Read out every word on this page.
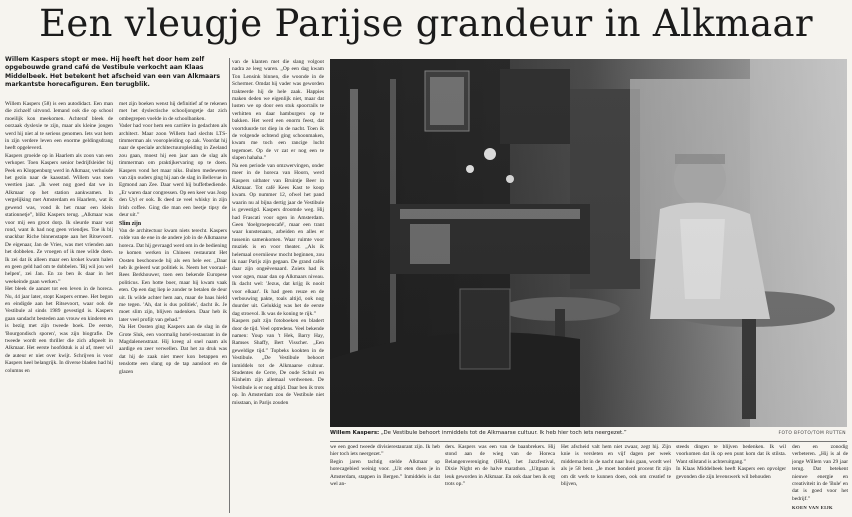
Een vleugje Parijse grandeur in Alkmaar
Willem Kaspers stopt er mee. Hij heeft het door hem zelf opgebouwde grand café de Vestibule verkocht aan Klaas Middelbeek. Het betekent het afscheid van een van Alkmaars markantste horecafiguren. Een terugblik.

Willem Kaspers (58) is een autodidact. Een man die zichzelf uitvond. Iemand ook die op school moeilijk kon meekomen. Achteraf bleek de oorzaak dyslexie te zijn, maar als kleine jongen werd hij niet al te serieus genomen. Iets wat hem in zijn verdere leven een enorme geldingsdrang heeft opgeleverd.

Kaspers groeide op in Haarlem als zoon van een verkoper. Toen Kaspers senior bedrijfsleider bij Peek en Kloppenburg werd in Alkmaar, verhuisde het gezin naar de kaasstad. Willem was toen veertien jaar. „Ik weet nog goed dat we in Alkmaar op het station aankwamen. In vergelijking met Amsterdam en Haarlem, wat ik gewend was, vond ik het maar een klein stationnetje”, blikt Kaspers terug. „Alkmaar was voor mij een groot dorp. Ik sleurde maar wat rond, want ik had nog geen vriendjes. Toe ik bij snackbar Riche binnenstapte aan het Ritsevoort. De eigenaar, Jan de Vries, was met vrienden aan het dobbelen. Ze vroegen of ik mee wilde doen. Ik zei dat ik alleen maar een kroket kwam halen en geen geld had om te dobbelen. 'Bij wil jou wel helpen', zei Jan. En zo ben ik daar in het weekeinde gaan werken.”

Het bleek de aanzet tot een leven in de horeca. Nu, 44 jaar later, stopt Kaspers ermee. Het begon en eindigde aan het Ritsevoort, waar ook de Vestibule al sinds 1989 gevestigd is. Kaspers gaan sandacht besteden aan vrouw en kinderen en is bezig met zijn tweede boek. De eerste, 'Bourgondisch sporen', was zijn biografie. De tweede wordt een thriller die zich afspeelt in Alkmaar. Het eerste hoofdstuk is al af, meer wil de auteur er niet over kwijt. Schrijven is voor Kaspers heel belangrijk. In diverse bladen had hij columns en

met zijn boeken wenst hij definitief af te rekenen met het dyslectische schooljongetje dat zich ombegrepen voelde in de schoolbanken.

Vader had voor hem een carrière in gedachten als architect. Maar zoon Willem had slechts LTS-timmerman als vooropleiding op zak. Voordat hij naar de speciale architectuuropleiding in Zeeland zou gaan, moest hij een jaar aan de slag als timmerman om praktijkervaring op te doen. Kaspers vond het maar niks. Buiten medeweten van zijn ouders ging hij aan de slag in Bellevue in Egmond aan Zee. Daar werd hij buffetbediende. „Er waren daar congressen. Op een keer was Joop den Uyl er ook. Ik deed ze veel whisky in zijn Irish coffee. Ging die man een beetje tipsy de deur uit.”

Slim zijn

Van de architectuur kwam niets terecht. Kaspers rolde van de ene in de andere job in de Alkmaarse horeca. Dat hij gevraagd werd om in de bediening te komen werken in Chinees restaurant Het Oosten beschouwde hij als een hele eer. „Daar heb ik geleerd wat politiek is. Neem het vooraal-Rees Berkhouwer, toen een bekende Europese politicus. Een hotte boer, maar hij kwam vaak eten. Op een dag liep ie zonder te betalen de deur uit. Ik wilde achter hem aan, maar de baas hield me tegen. 'Ah, dat is dus politiek', dacht ik. Je moet slim zijn, blijven nadenken. Daar heb ik later veel profijt van gehad.”

Na Het Oosten ging Kaspers aan de slag in de Grote Sluk, een voormalig hotel-restaurant in de Magdalenenstraat. Hij kreeg al snel naam als aardige en zeer verwellen. Dat het zo druk was dat hij de zaak niet meer kon betappen en tenslotte een slang op de tap aansloot en de glazen

van de klanten met die slang volgoot nadra ze leeg waren. „Op een dag kwam Ton Lensink binnen, die woonde in de Schermer. Omdat hij vader was geworden trakteerde hij de hele zaak. Happies maken deden we eigenlijk niet, maar dat lusten we op door een stuk spoorrails te verhitten en daar hamburgers op te bakken. Het werd een enorm feest, dat voortduurde tot diep in de nacht. Toen ik de volgende ochtend ging schoonmaken, kwam me toch een rancige lucht tegemoet. Op de vr zat er nog een te slapen hahaha.”

Na een periode van omzwervingen, onder meer in de horeca van Hoorn, werd Kaspers uitbater van Bruintje Beer in Alkmaar. Tot café Kees Kast te koop kwam. Op nummer 12, ofwel het pand waarin nu al bijna dertig jaar de Vestibule is gevestigd. Kaspers droomde weg. Hij had Frascati voor ogen in Amsterdam. Geen 'doelgroepencafé', maar een trant waar kunstenaars, arbeiden en alles er tussenin samenkomen. Waar ruimte voor muziek is en voor theater. „Als ik helemaal overniieuw mocht beginnen, zou ik naar Parijs zijn gegaan. De grand cafés daar zijn ongeëvenaard. Zoiets had ik voor ogen, maar dan op Alkmaars niveau. Ik dacht wel: 'Jezus, dat krijg ik nooit voor elkaar'. Ik had geen reuze en de verbouwing pakte, toals altijd, ook nog duurder uit. Gelukkig was het de eerste dag stroevol. Ik was de koning te rijk.”

Kaspers palt zijn fotoboeken en bladert door de tijd. Veel optredens. Veel bekende namen: Youp van 't Hek, Barry Hay, Ramses Shaffy, Bert Visscher. „Een geweldige tijd.” Topbeks kookten in de Vestibule. „De Vestibule behoort inmiddels tot de Alkmaarse cultuur. Studentes de Cerre, De oude Schuit en Kinheim zijn allemaal verdwenen. De Vestibule is er nog altijd. Daar ben ik trots op. In Amsterdam zou de Vestibule niet misstaan, in Parijs zouden

Willem Kaspers: „De Vestibule behoort inmiddels tot de Alkmaarse cultuur. Ik heb hier toch iets neergezet.”	FOTO BFOTO/TOM RUTTEN

we een goed tweede divisierestaurant zijn. Ik heb hier toch iets neergezet.”

Begin jaren tachtig stelde Alkmaar op horecagebied weinig voor. „Uit eten doen je in Amsterdam, stappen in Bergen.” Inmiddels is dat wel an-

ders. Kaspers was een van de baanbrekers. Hij stond aan de wieg van de Horeca Belangenvereniging (HBA), het Jazzfestival, Dixie Night en de halve marathon. „Uitgaan is leuk geworden in Alkmaar. En ook daar ben ik erg trots op.”

Het afscheid valt hem niet zwaar, zegt hij. Zijn knie is versleten en vijf dagen per week middernacht in de nacht naar huis gaan, wordt wel als je 58 bent. „Je moet honderd procent fit zijn om dit werk te kunnen doen, ook om creatief te blijven,

steeds dingen te blijven bedenken. Ik wil voorkomen dat ik op een punt kom dat ik stilsta. Want stilstand is achteruitgang.”

In Klaas Middelbeek heeft Kaspers een opvolger gevonden die zijn levenswerk wil behouden

den en zonodig verbeteren. „Hij is al de jonge Willem van 29 jaar terug. Dat betekent nieuwe energie en creativiteit in de 'Bule' en dat is goed voor het bedrijf.”

KOEN VAN EIJK
